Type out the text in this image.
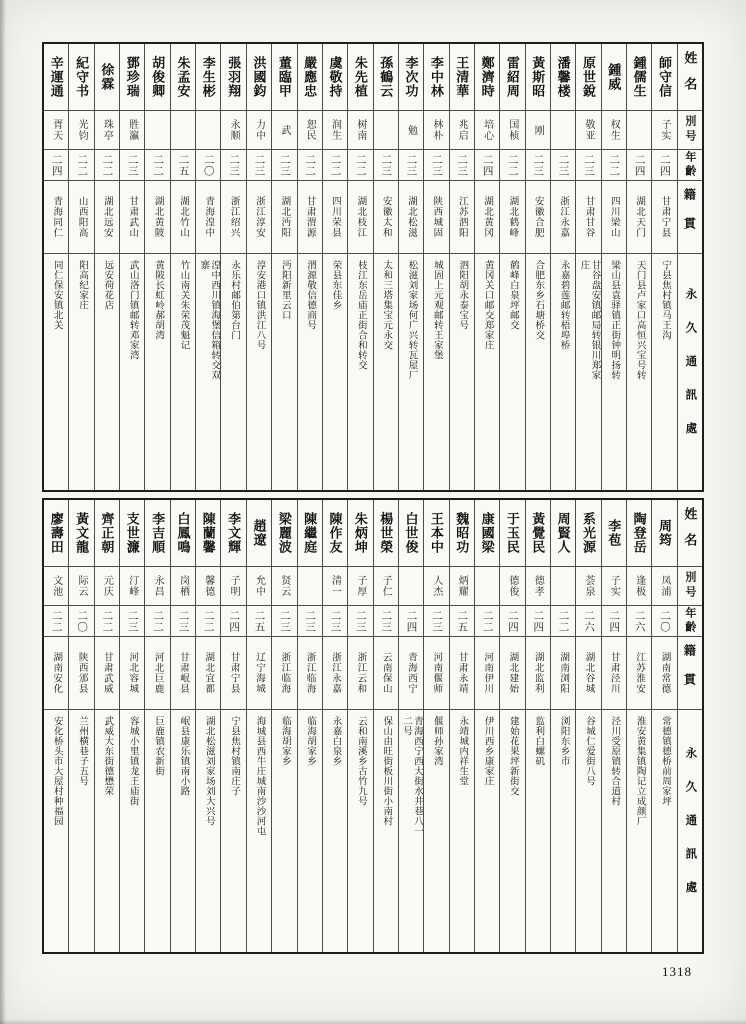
姓名
別号
年齡
籍貫
永久通訊處
師守信
子实
二四
甘肃宁县
宁县焦村镇马王沟
鍾儒生
二四
湖北天门
天门县卢家口高恒兴宝号转
鍾威
权生
二二
四川梁山
梁山县袁驿镇正街钟明扬转
原世銳
敬亚
二三
甘肃甘谷
甘谷盘安镇邮局转银川郑家庄
潘馨楼
二三
浙江永嘉
永嘉碧莲邮转梧埠桥
黃斯昭
刚
二三
安徽合肥
合肥东乡石塘桥交
雷紹周
国桢
二二
湖北鹤峰
鹤峰白泉坪邮交
鄭濟時
培心
二四
湖北黄冈
黄冈关口邮交郑家庄
王清華
兆启
二三
江苏泗阳
泗阳胡永泰宝号
李中林
林朴
二三
陕西城固
城固上元观邮转王家堡
李次功
勉
二三
湖北松滋
松滋刘家场何广兴转瓦屋厂
孫鶴云
二三
安徽太和
太和三塔集宝元永交
朱先植
树南
二二
湖北枝江
枝江东岳庙正街合和转交
虞敬持
润生
二二
四川荣县
荣县东佳乡
嚴應忠
恕民
二二
甘肃渭源
渭源敬信德商号
董臨甲
武
二三
湖北沔阳
沔阳新里云口
洪國鈞
力中
二三
浙江淳安
淳安港口镇洪江八号
張羽翔
永顺
二三
浙江绍兴
永乐村邮伯第台门
李生彬
二〇
青海湟中
湟中西川镇海堡信箱转交双寨
朱孟安
二五
湖北竹山
竹山南关朱荣茂魁记
胡俊卿
二二
湖北黄陂
黄陂长虹岭郝胡湾
鄧珍瑞
胜瀛
二三
甘肃武山
武山洛门镇邮转邓家湾
徐霖
珠亭
二二
湖北远安
远安荷花店
紀守书
光钧
二二
山西阳高
阳高纪家庄
辛運通
胥天
二四
青海同仁
同仁保安镇北关
姓名
別号
年齡
籍貫
永久通訊處
周筠
凤浦
二〇
湖南常德
常德镇德桥前周家坪
陶登岳
逢极
二六
江苏淮安
淮安黄集镇陶记立成颜厂
李苞
子实
二四
甘肃泾川
泾川受原镇转合道村
系光源
荟泉
二六
湖北谷城
谷城仁爱街八号
周賢人
二二
湖南浏阳
浏阳东乡市
黃覺民
德孝
二四
湖北监利
监利白螺矶
于玉民
德俊
二四
湖北建始
建始花果坪新街交
康國梁
二二
河南伊川
伊川西乡康家庄
魏昭功
炳耀
二五
甘肃永靖
永靖城内祥生堂
王本中
人杰
二三
河南偃师
偃师孙家湾
白世俊
二四
青海西宁
青海西宁西大街水井巷八一二号
楊世榮
子仁
二三
云南保山
保山由旺街板川街小南村
朱炳坤
子厚
二三
浙江云和
云和南溪乡古竹九号
陳作友
清一
二三
浙江永嘉
永嘉白泉乡
陳繼庭
二三
浙江临海
临海胡家乡
梁麗波
贤云
二三
浙江临海
临海胡家乡
趙遼
允中
二五
辽宁海城
海城县西牛庄城南沙沙河屯
李文輝
子明
二四
甘肃宁县
宁县焦村镇南庄子
陳蘭馨
馨德
二二
湖北宜都
湖北松滋刘家场刘大兴号
白鳳鳴
岗栖
二三
甘肃岷县
岷县康乐镇南小路
李吉順
永昌
二二
河北巨鹿
巨鹿镇农新街
支世濂
汀峰
二三
河北容城
容城小里镇龙王庙街
齊正朝
元庆
二二
甘肃武威
武威大东街德懋荣
黃文龍
际云
二〇
陕西邠县
兰州横巷子五号
廖壽田
文池
二二
湖南安化
安化桥头市大屋村种福园
1318
